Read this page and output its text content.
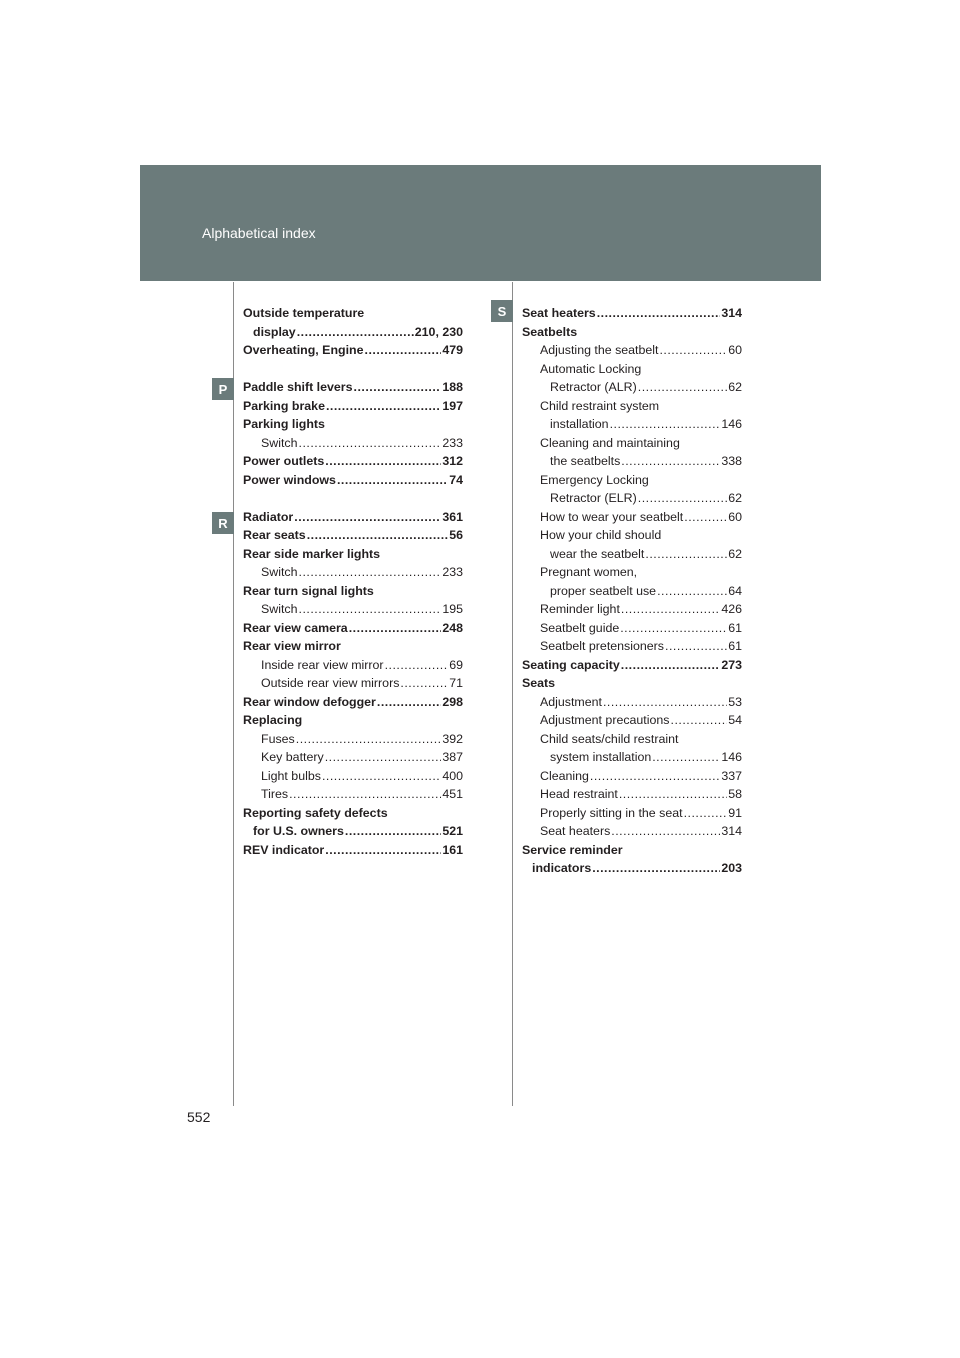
Alphabetical index
P
R
S
Outside temperature
display .....	210, 230
Overheating, Engine .....	479
Paddle shift levers .....	188
Parking brake .....	197
Parking lights
Switch .....	233
Power outlets .....	312
Power windows .....	74
Radiator .....	361
Rear seats .....	56
Rear side marker lights
Switch .....	233
Rear turn signal lights
Switch .....	195
Rear view camera .....	248
Rear view mirror
Inside rear view mirror .....	69
Outside rear view mirrors .....	71
Rear window defogger .....	298
Replacing
Fuses .....	392
Key battery .....	387
Light bulbs .....	400
Tires .....	451
Reporting safety defects
for U.S. owners .....	521
REV indicator .....	161
Seat heaters .....	314
Seatbelts
Adjusting the seatbelt .....	60
Automatic Locking
Retractor (ALR) .....	62
Child restraint system
installation .....	146
Cleaning and maintaining
the seatbelts .....	338
Emergency Locking
Retractor (ELR) .....	62
How to wear your seatbelt .....	60
How your child should
wear the seatbelt .....	62
Pregnant women,
proper seatbelt use .....	64
Reminder light .....	426
Seatbelt guide .....	61
Seatbelt pretensioners .....	61
Seating capacity .....	273
Seats
Adjustment .....	53
Adjustment precautions .....	54
Child seats/child restraint
system installation .....	146
Cleaning .....	337
Head restraint .....	58
Properly sitting in the seat .....	91
Seat heaters .....	314
Service reminder
indicators .....	203
552
